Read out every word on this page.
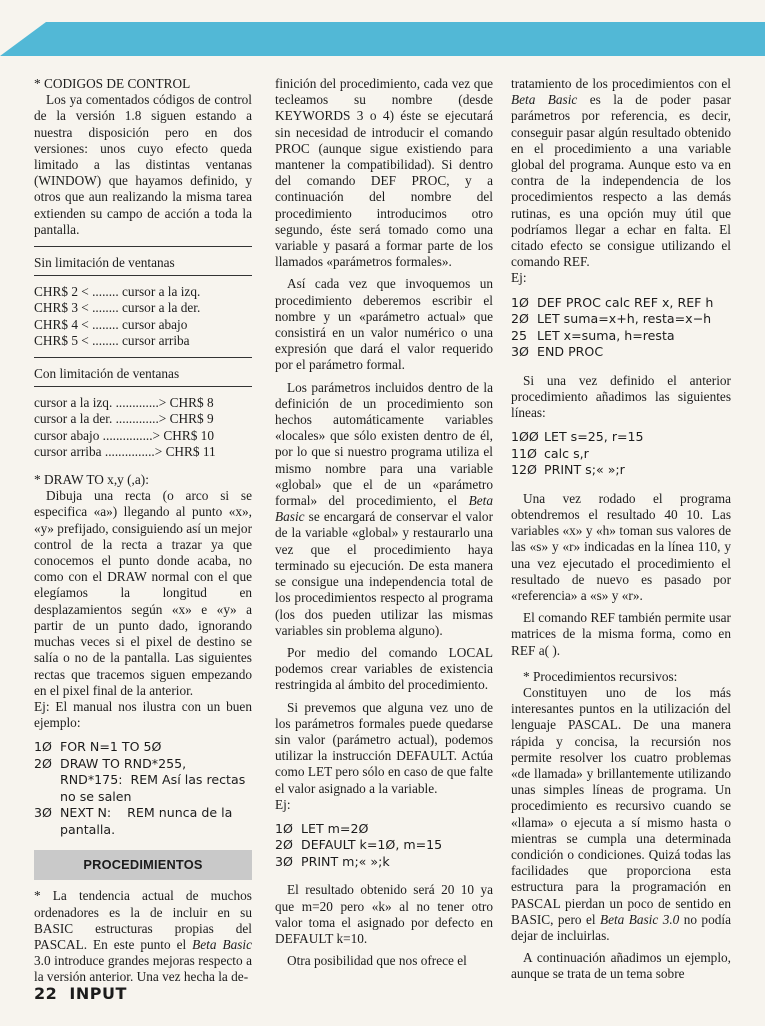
* CODIGOS DE CONTROL

Los ya comentados códigos de control de la versión 1.8 siguen estando a nuestra disposición pero en dos versiones: unos cuyo efecto queda limitado a las distintas ventanas (WINDOW) que hayamos definido, y otros que aun realizando la misma tarea extienden su campo de acción a toda la pantalla.

Sin limitación de ventanas

CHR$ 2 < ........ cursor a la izq.
CHR$ 3 < ........ cursor a la der.
CHR$ 4 < ........ cursor abajo
CHR$ 5 < ........ cursor arriba

Con limitación de ventanas

cursor a la izq. .............> CHR$ 8
cursor a la der. .............> CHR$ 9
cursor abajo ...............> CHR$ 10
cursor arriba ...............> CHR$ 11

* DRAW TO x,y (,a):

Dibuja una recta (o arco si se especifica «a») llegando al punto «x», «y» prefijado, consiguiendo así un mejor control de la recta a trazar ya que conocemos el punto donde acaba, no como con el DRAW normal con el que elegíamos la longitud en desplazamientos según «x» e «y» a partir de un punto dado, ignorando muchas veces si el pixel de destino se salía o no de la pantalla. Las siguientes rectas que tracemos siguen empezando en el pixel final de la anterior.

Ej: El manual nos ilustra con un buen ejemplo:

1Ø FOR N=1 TO 5Ø
2Ø DRAW TO RND*255,
RND*175:  REM Así las rectas no se salen
3Ø NEXT N:    REM nunca de la pantalla.
PROCEDIMIENTOS

* La tendencia actual de muchos ordenadores es la de incluir en su BASIC estructuras propias del PASCAL. En este punto el Beta Basic 3.0 introduce grandes mejoras respecto a la versión anterior. Una vez hecha la de-

finición del procedimiento, cada vez que tecleamos su nombre (desde KEYWORDS 3 o 4) éste se ejecutará sin necesidad de introducir el comando PROC (aunque sigue existiendo para mantener la compatibilidad). Si dentro del comando DEF PROC, y a continuación del nombre del procedimiento introducimos otro segundo, éste será tomado como una variable y pasará a formar parte de los llamados «parámetros formales».

Así cada vez que invoquemos un procedimiento deberemos escribir el nombre y un «parámetro actual» que consistirá en un valor numérico o una expresión que dará el valor requerido por el parámetro formal.

Los parámetros incluidos dentro de la definición de un procedimiento son hechos automáticamente variables «locales» que sólo existen dentro de él, por lo que si nuestro programa utiliza el mismo nombre para una variable «global» que el de un «parámetro formal» del procedimiento, el Beta Basic se encargará de conservar el valor de la variable «global» y restaurarlo una vez que el procedimiento haya terminado su ejecución. De esta manera se consigue una independencia total de los procedimientos respecto al programa (los dos pueden utilizar las mismas variables sin problema alguno).

Por medio del comando LOCAL podemos crear variables de existencia restringida al ámbito del procedimiento.

Si prevemos que alguna vez uno de los parámetros formales puede quedarse sin valor (parámetro actual), podemos utilizar la instrucción DEFAULT. Actúa como LET pero sólo en caso de que falte el valor asignado a la variable.

Ej:

1Ø LET m=2Ø
2Ø DEFAULT k=1Ø, m=15
3Ø PRINT m;« »;k

El resultado obtenido será 20 10 ya que m=20 pero «k» al no tener otro valor toma el asignado por defecto en DEFAULT k=10.

Otra posibilidad que nos ofrece el

tratamiento de los procedimientos con el Beta Basic es la de poder pasar parámetros por referencia, es decir, conseguir pasar algún resultado obtenido en el procedimiento a una variable global del programa. Aunque esto va en contra de la independencia de los procedimientos respecto a las demás rutinas, es una opción muy útil que podríamos llegar a echar en falta. El citado efecto se consigue utilizando el comando REF.

Ej:

1Ø DEF PROC calc REF x, REF h
2Ø LET suma=x+h, resta=x−h
25 LET x=suma, h=resta
3Ø END PROC

Si una vez definido el anterior procedimiento añadimos las siguientes líneas:

1ØØ LET s=25, r=15
11Ø calc s,r
12Ø PRINT s;« »;r

Una vez rodado el programa obtendremos el resultado 40 10. Las variables «x» y «h» toman sus valores de las «s» y «r» indicadas en la línea 110, y una vez ejecutado el procedimiento el resultado de nuevo es pasado por «referencia» a «s» y «r».

El comando REF también permite usar matrices de la misma forma, como en REF a( ).

* Procedimientos recursivos:

Constituyen uno de los más interesantes puntos en la utilización del lenguaje PASCAL. De una manera rápida y concisa, la recursión nos permite resolver los cuatro problemas «de llamada» y brillantemente utilizando unas simples líneas de programa. Un procedimiento es recursivo cuando se «llama» o ejecuta a sí mismo hasta o mientras se cumpla una determinada condición o condiciones. Quizá todas las facilidades que proporciona esta estructura para la programación en PASCAL pierdan un poco de sentido en BASIC, pero el Beta Basic 3.0 no podía dejar de incluirlas.

A continuación añadimos un ejemplo, aunque se trata de un tema sobre

22 INPUT
